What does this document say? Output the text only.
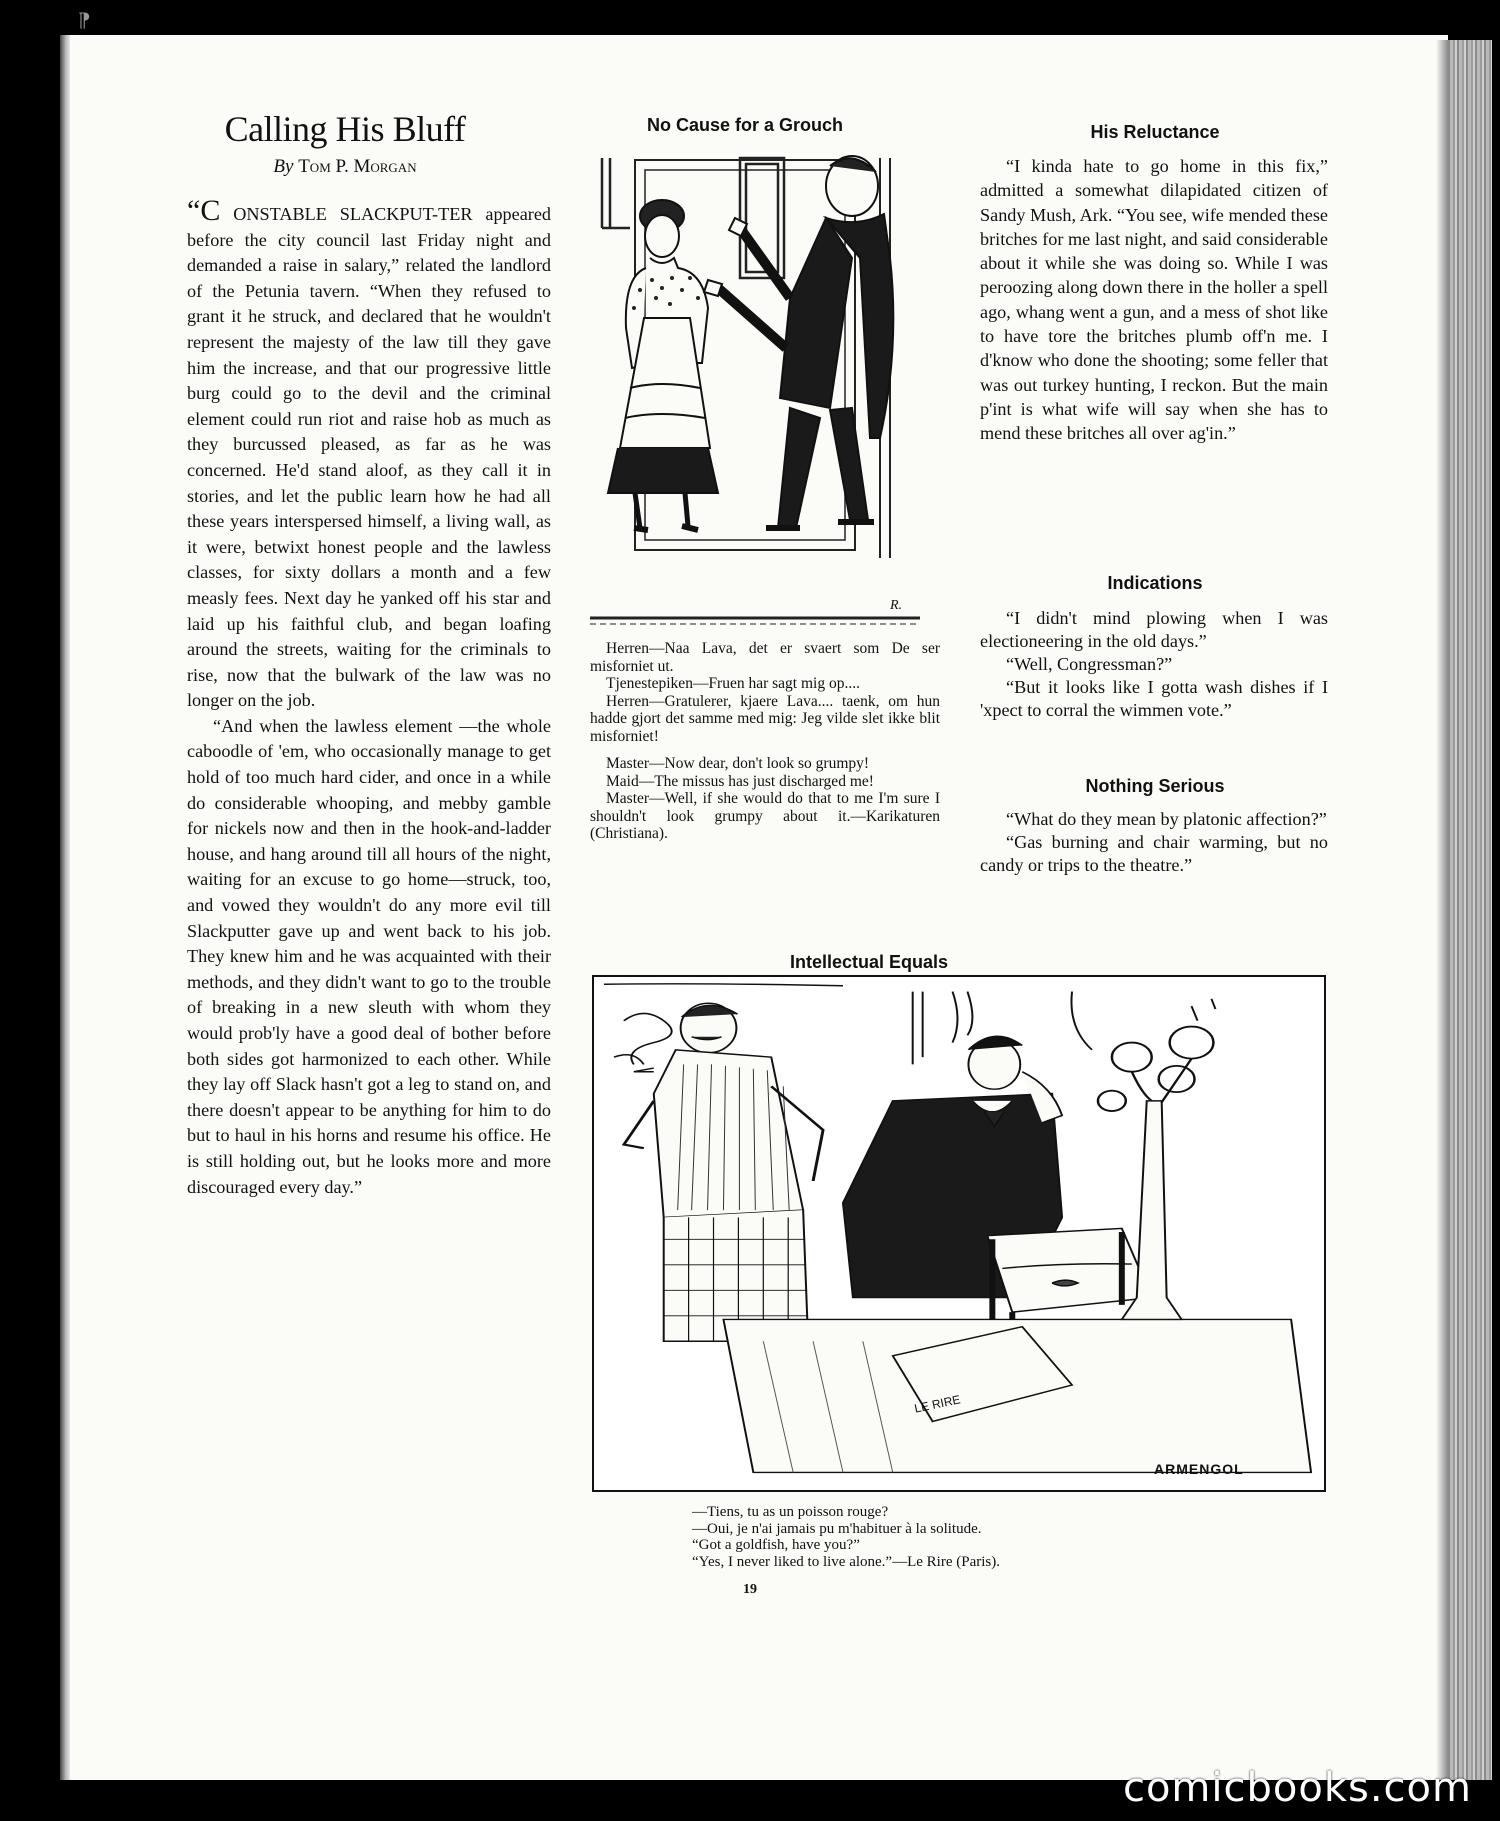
⁋
Calling His Bluff
By Tom P. Morgan

“C ONSTABLE SLACKPUT-TER appeared before the city council last Friday night and demanded a raise in salary,” related the landlord of the Petunia tavern. “When they refused to grant it he struck, and declared that he wouldn't represent the majesty of the law till they gave him the increase, and that our progressive little burg could go to the devil and the criminal element could run riot and raise hob as much as they burcussed pleased, as far as he was concerned. He'd stand aloof, as they call it in stories, and let the public learn how he had all these years interspersed himself, a living wall, as it were, betwixt honest people and the lawless classes, for sixty dollars a month and a few measly fees. Next day he yanked off his star and laid up his faithful club, and began loafing around the streets, waiting for the criminals to rise, now that the bulwark of the law was no longer on the job.

“And when the lawless element —the whole caboodle of 'em, who occasionally manage to get hold of too much hard cider, and once in a while do considerable whooping, and mebby gamble for nickels now and then in the hook-and-ladder house, and hang around till all hours of the night, waiting for an excuse to go home—struck, too, and vowed they wouldn't do any more evil till Slackputter gave up and went back to his job. They knew him and he was acquainted with their methods, and they didn't want to go to the trouble of breaking in a new sleuth with whom they would prob'ly have a good deal of bother before both sides got harmonized to each other. While they lay off Slack hasn't got a leg to stand on, and there doesn't appear to be anything for him to do but to haul in his horns and resume his office. He is still holding out, but he looks more and more discouraged every day.”

No Cause for a Grouch
R.

Herren—Naa Lava, det er svaert som De ser misforniet ut.

Tjenestepiken—Fruen har sagt mig op....

Herren—Gratulerer, kjaere Lava.... taenk, om hun hadde gjort det samme med mig: Jeg vilde slet ikke blit misforniet!

Master—Now dear, don't look so grumpy!

Maid—The missus has just discharged me!

Master—Well, if she would do that to me I'm sure I shouldn't look grumpy about it.—Karikaturen (Christiana).

His Reluctance

“I kinda hate to go home in this fix,” admitted a somewhat dilapidated citizen of Sandy Mush, Ark. “You see, wife mended these britches for me last night, and said considerable about it while she was doing so. While I was peroozing along down there in the holler a spell ago, whang went a gun, and a mess of shot like to have tore the britches plumb off'n me. I d'know who done the shooting; some feller that was out turkey hunting, I reckon. But the main p'int is what wife will say when she has to mend these britches all over ag'in.”

Indications

“I didn't mind plowing when I was electioneering in the old days.”

“Well, Congressman?”

“But it looks like I gotta wash dishes if I 'xpect to corral the wimmen vote.”

Nothing Serious

“What do they mean by platonic affection?”

“Gas burning and chair warming, but no candy or trips to the theatre.”

Intellectual Equals
LE RIRE
ARMENGOL

—Tiens, tu as un poisson rouge?

—Oui, je n'ai jamais pu m'habituer à la solitude.

“Got a goldfish, have you?”

“Yes, I never liked to live alone.”—Le Rire (Paris).

19
comicbooks.com
